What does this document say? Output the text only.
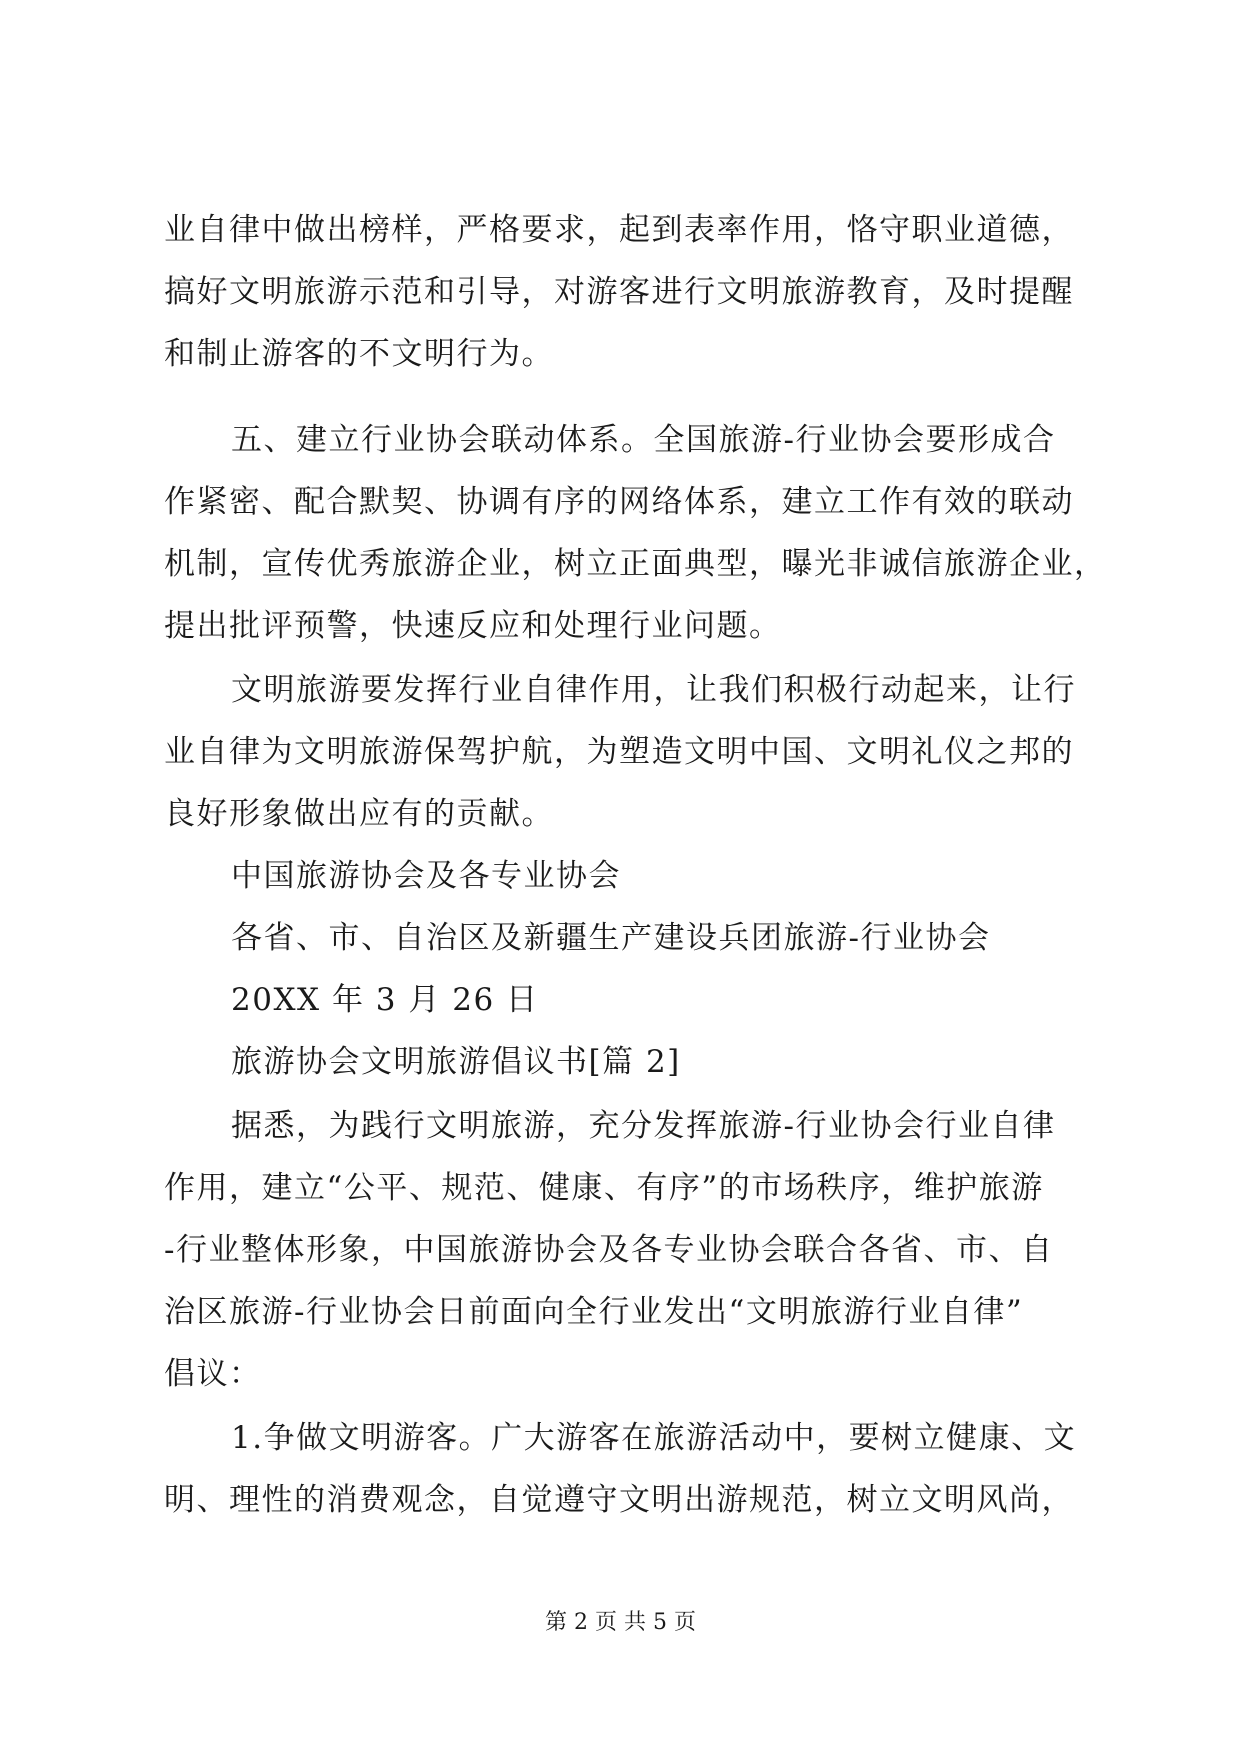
业自律中做出榜样，严格要求，起到表率作用，恪守职业道德，
搞好文明旅游示范和引导，对游客进行文明旅游教育，及时提醒
和制止游客的不文明行为。
五、建立行业协会联动体系。全国旅游-行业协会要形成合
作紧密、配合默契、协调有序的网络体系，建立工作有效的联动
机制，宣传优秀旅游企业，树立正面典型，曝光非诚信旅游企业，
提出批评预警，快速反应和处理行业问题。
文明旅游要发挥行业自律作用，让我们积极行动起来，让行
业自律为文明旅游保驾护航，为塑造文明中国、文明礼仪之邦的
良好形象做出应有的贡献。
中国旅游协会及各专业协会
各省、市、自治区及新疆生产建设兵团旅游-行业协会
20XX 年 3 月 26 日
旅游协会文明旅游倡议书[篇 2]
据悉，为践行文明旅游，充分发挥旅游-行业协会行业自律
作用，建立“公平、规范、健康、有序”的市场秩序，维护旅游
-行业整体形象，中国旅游协会及各专业协会联合各省、市、自
治区旅游-行业协会日前面向全行业发出“文明旅游行业自律”
倡议：
1.争做文明游客。广大游客在旅游活动中，要树立健康、文
明、理性的消费观念，自觉遵守文明出游规范，树立文明风尚，
第 2 页 共 5 页
